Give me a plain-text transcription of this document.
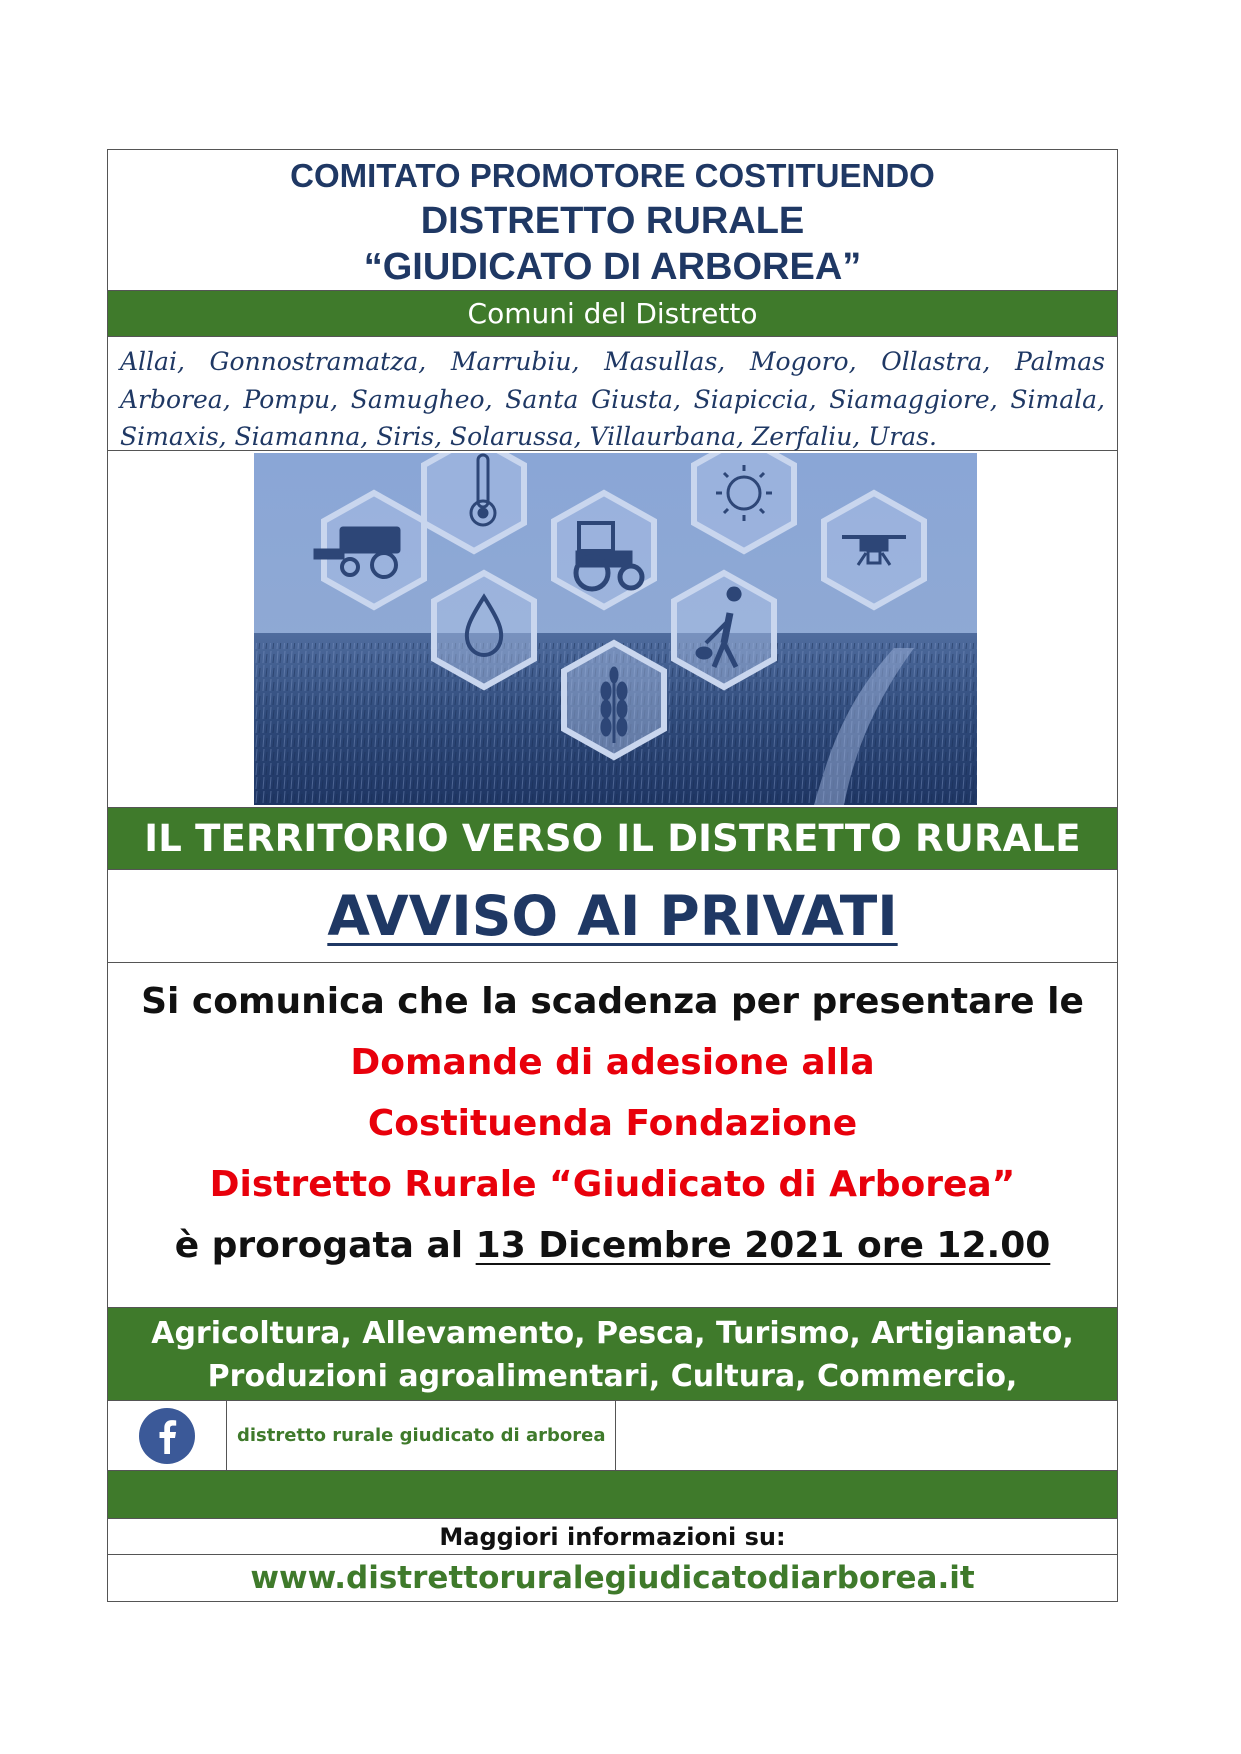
COMITATO PROMOTORE COSTITUENDO
DISTRETTO RURALE
“GIUDICATO DI ARBOREA”
Comuni del Distretto
Allai, Gonnostramatza, Marrubiu, Masullas, Mogoro, Ollastra, Palmas Arborea, Pompu, Samugheo, Santa Giusta, Siapiccia, Siamaggiore, Simala, Simaxis, Siamanna, Siris, Solarussa, Villaurbana, Zerfaliu, Uras.
IL TERRITORIO VERSO IL DISTRETTO RURALE
AVVISO AI PRIVATI
Si comunica che la scadenza per presentare le
Domande di adesione alla
Costituenda Fondazione
Distretto Rurale “Giudicato di Arborea”
è prorogata al 13 Dicembre 2021 ore 12.00
Agricoltura, Allevamento, Pesca, Turismo, Artigianato,
Produzioni agroalimentari, Cultura, Commercio, Associazioni
distretto rurale giudicato di arborea
Maggiori informazioni su:
www.distrettoruralegiudicatodiarborea.it
